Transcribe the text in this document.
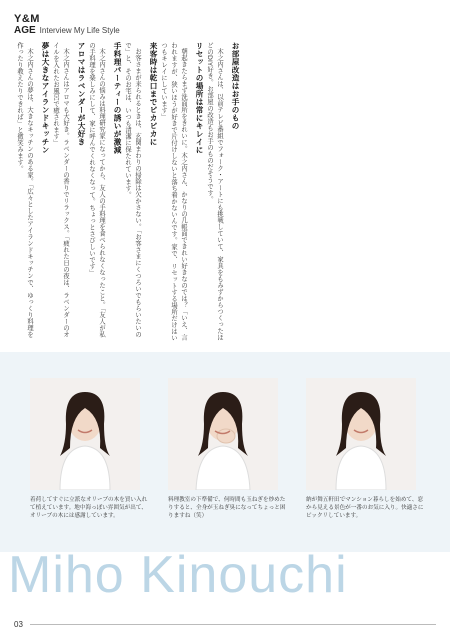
Y&M
AGE Interview My Life Style
お部屋改造はお手のもの

木之内さんは、以前テレビ番組でフォーク・アートにも挑戦していて、家具をもみずからつくったほどのDIY好き。お部屋の改造もお手のものだそうです。

リセットの場所は常にキレイに

朝起きたらまず洗面所をきれいに。木之内さん、かなりの几帳面できれい好きなのでは？「いえ、言われますが、狭いほうが好きで片付けしないと落ち着かないんです。家で、リセットする場所だけはいつもキレイにしています」

来客時は乾口までピカピカに

お客さまが来られるときは、玄関まわりの掃除は欠かさない。「お客さまにくつろいでもらいたいので」と、そのお宅は、いつも清潔に保たれています。

手料理パーティーの誘いが激減

木之内さんの悩みは料理研究家になってから、友人の手料理を食べられなくなったこと。「友人が私の手料理を楽しみにして、家に呼んでくれなくなって。ちょっとさびしいです」

アロマはラベンダーが大好き

木之内さんはアロマも大好き。ラベンダーの香りでリラックス。「疲れた日の夜は、ラベンダーのオイルを入れたお風呂で癒されます」

夢は大きなアイランドキッチン

木之内さんの夢は、大きなキッチンのある家。「広々としたアイランドキッチンで、ゆっくり料理を作ったり教えたりできれば」と微笑みます。

着荷してすぐに立派なオリーブの木を買い入れて植えています。地中海っぽい雰囲気が出て、オリーブの木には感謝しています。
料理教室の下準備で、何時間も玉ねぎを炒めたりすると、全身が玉ねぎ臭になってちょっと困りますね（笑）
納が舞五軒田でマンション暮らしを始めて、窓から見える景色が一番のお気に入り。快適さにビックリしています。
Miho Kinouchi
03
